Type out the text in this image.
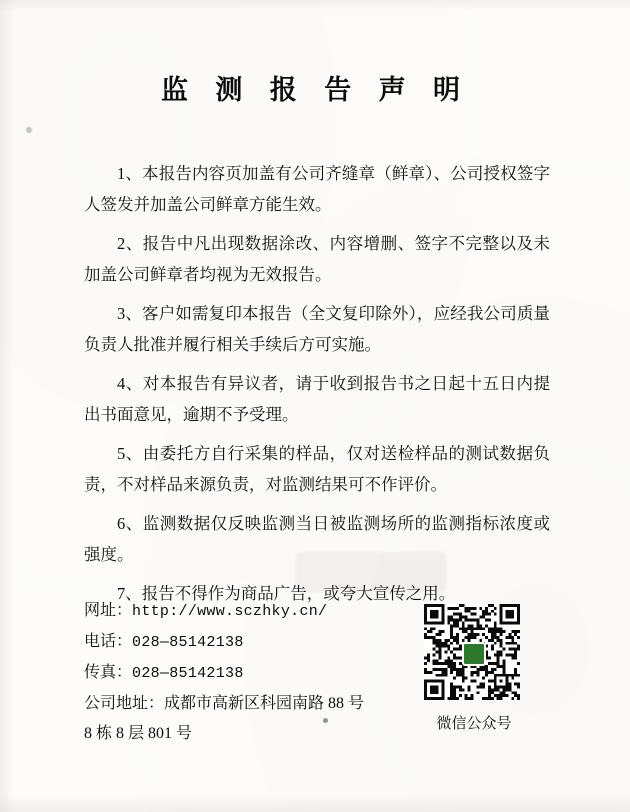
监 测 报 告 声 明

1、本报告内容页加盖有公司齐缝章（鲜章）、公司授权签字人签发并加盖公司鲜章方能生效。

2、报告中凡出现数据涂改、内容增删、签字不完整以及未加盖公司鲜章者均视为无效报告。

3、客户如需复印本报告（全文复印除外），应经我公司质量负责人批准并履行相关手续后方可实施。

4、对本报告有异议者，请于收到报告书之日起十五日内提出书面意见，逾期不予受理。

5、由委托方自行采集的样品，仅对送检样品的测试数据负责，不对样品来源负责，对监测结果可不作评价。

6、监测数据仅反映监测当日被监测场所的监测指标浓度或强度。

7、报告不得作为商品广告，或夸大宣传之用。

网址：http://www.sczhky.cn/
电话：028—85142138
传真：028—85142138
公司地址：成都市高新区科园南路 88 号
8 栋 8 层 801 号
微信公众号
